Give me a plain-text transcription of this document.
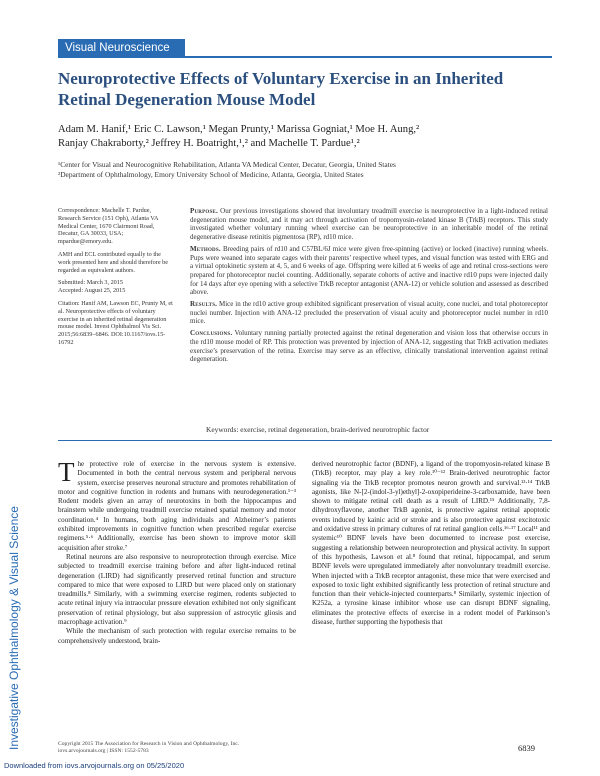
Visual Neuroscience
Neuroprotective Effects of Voluntary Exercise in an Inherited Retinal Degeneration Mouse Model
Adam M. Hanif,¹ Eric C. Lawson,¹ Megan Prunty,¹ Marissa Gogniat,¹ Moe H. Aung,²
Ranjay Chakraborty,² Jeffrey H. Boatright,¹,² and Machelle T. Pardue¹,²
¹Center for Visual and Neurocognitive Rehabilitation, Atlanta VA Medical Center, Decatur, Georgia, United States
²Department of Ophthalmology, Emory University School of Medicine, Atlanta, Georgia, United States

Correspondence: Machelle T. Pardue, Research Service (151 Oph), Atlanta VA Medical Center, 1670 Clairmont Road, Decatur, GA 30033, USA; mpardue@emory.edu.

AMH and ECL contributed equally to the work presented here and should therefore be regarded as equivalent authors.

Submitted: March 3, 2015

Accepted: August 25, 2015

Citation: Hanif AM, Lawson EC, Prunty M, et al. Neuroprotective effects of voluntary exercise in an inherited retinal degeneration mouse model. Invest Ophthalmol Vis Sci. 2015;56:6839–6846. DOI:10.1167/iovs.15-16792

Purpose. Our previous investigations showed that involuntary treadmill exercise is neuroprotective in a light-induced retinal degeneration mouse model, and it may act through activation of tropomyosin-related kinase B (TrkB) receptors. This study investigated whether voluntary running wheel exercise can be neuroprotective in an inheritable model of the retinal degenerative disease retinitis pigmentosa (RP), rd10 mice.

Methods. Breeding pairs of rd10 and C57BL/6J mice were given free-spinning (active) or locked (inactive) running wheels. Pups were weaned into separate cages with their parents’ respective wheel types, and visual function was tested with ERG and a virtual optokinetic system at 4, 5, and 6 weeks of age. Offspring were killed at 6 weeks of age and retinal cross-sections were prepared for photoreceptor nuclei counting. Additionally, separate cohorts of active and inactive rd10 pups were injected daily for 14 days after eye opening with a selective TrkB receptor antagonist (ANA-12) or vehicle solution and assessed as described above.

Results. Mice in the rd10 active group exhibited significant preservation of visual acuity, cone nuclei, and total photoreceptor nuclei number. Injection with ANA-12 precluded the preservation of visual acuity and photoreceptor nuclei number in rd10 mice.

Conclusions. Voluntary running partially protected against the retinal degeneration and vision loss that otherwise occurs in the rd10 mouse model of RP. This protection was prevented by injection of ANA-12, suggesting that TrkB activation mediates exercise’s preservation of the retina. Exercise may serve as an effective, clinically translational intervention against retinal degeneration.

Keywords: exercise, retinal degeneration, brain-derived neurotrophic factor
Investigative Ophthalmology & Visual Science

The protective role of exercise in the nervous system is extensive. Documented in both the central nervous system and peripheral nervous system, exercise preserves neuronal structure and promotes rehabilitation of motor and cognitive function in rodents and humans with neurodegeneration.¹⁻³ Rodent models given an array of neurotoxins in both the hippocampus and brainstem while undergoing treadmill exercise retained spatial memory and motor coordination.⁴ In humans, both aging individuals and Alzheimer’s patients exhibited improvements in cognitive function when prescribed regular exercise regimens.⁵·⁶ Additionally, exercise has been shown to improve motor skill acquisition after stroke.⁷

Retinal neurons are also responsive to neuroprotection through exercise. Mice subjected to treadmill exercise training before and after light-induced retinal degeneration (LIRD) had significantly preserved retinal function and structure compared to mice that were exposed to LIRD but were placed only on stationary treadmills.⁸ Similarly, with a swimming exercise regimen, rodents subjected to acute retinal injury via intraocular pressure elevation exhibited not only significant preservation of retinal physiology, but also suppression of astrocytic gliosis and macrophage activation.⁹

While the mechanism of such protection with regular exercise remains to be comprehensively understood, brain-

derived neurotrophic factor (BDNF), a ligand of the tropomyosin-related kinase B (TrkB) receptor, may play a key role.¹⁰⁻¹² Brain-derived neurotrophic factor signaling via the TrkB receptor promotes neuron growth and survival.¹³·¹⁴ TrkB agonists, like N-[2-(indol-3-yl)ethyl]-2-oxopiperideine-3-carboxamide, have been shown to mitigate retinal cell death as a result of LIRD.¹⁵ Additionally, 7,8-dihydroxyflavone, another TrkB agonist, is protective against retinal apoptotic events induced by kainic acid or stroke and is also protective against excitotoxic and oxidative stress in primary cultures of rat retinal ganglion cells.¹⁶·¹⁷ Local¹¹ and systemic¹⁰ BDNF levels have been documented to increase post exercise, suggesting a relationship between neuroprotection and physical activity. In support of this hypothesis, Lawson et al.⁸ found that retinal, hippocampal, and serum BDNF levels were upregulated immediately after nonvoluntary treadmill exercise. When injected with a TrkB receptor antagonist, these mice that were exercised and exposed to toxic light exhibited significantly less protection of retinal structure and function than their vehicle-injected counterparts.⁸ Similarly, systemic injection of K252a, a tyrosine kinase inhibitor whose use can disrupt BDNF signaling, eliminates the protective effects of exercise in a rodent model of Parkinson’s disease, further supporting the hypothesis that

Copyright 2015 The Association for Research in Vision and Ophthalmology, Inc.
iovs.arvojournals.org | ISSN: 1552-5783	6839
Downloaded from iovs.arvojournals.org on 05/25/2020
